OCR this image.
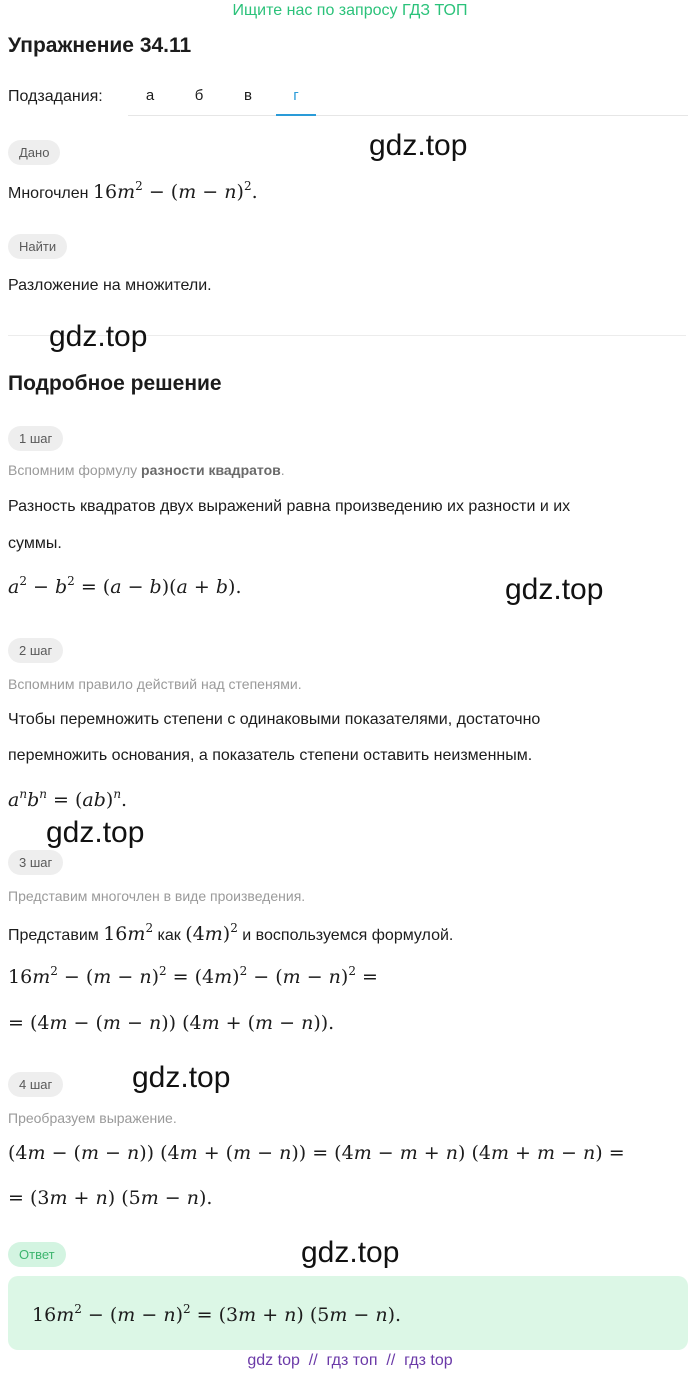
Ищите нас по запросу ГДЗ ТОП
Упражнение 34.11
Подзадания:	а	б	в	г
Дано
Многочлен $16m^2 - (m - n)^2$.
Найти
Разложение на множители.
Подробное решение
1 шаг
Вспомним формулу разности квадратов.
Разность квадратов двух выражений равна произведению их разности и их
суммы.
$a^2 - b^2 = (a - b)(a + b)$.
2 шаг
Вспомним правило действий над степенями.
Чтобы перемножить степени с одинаковыми показателями, достаточно
перемножить основания, а показатель степени оставить неизменным.
$a^nb^n = (ab)^n$.
3 шаг
Представим многочлен в виде произведения.
Представим $16m^2$ как $(4m)^2$ и воспользуемся формулой.
$16m^2 - (m - n)^2 = (4m)^2 - (m - n)^2$ =
= (4m − (m − n)) (4m + (m − n)).
4 шаг
Преобразуем выражение.
(4m − (m − n)) (4m + (m − n)) = (4m − m + n) (4m + m − n) =
= (3m + n) (5m − n).
Ответ
$16m^2 - (m - n)^2 = (3m + n) (5m - n)$.
gdz.top
gdz.top
gdz.top
gdz.top
gdz.top
gdz.top
gdz top  //  гдз топ  //  гдз top
